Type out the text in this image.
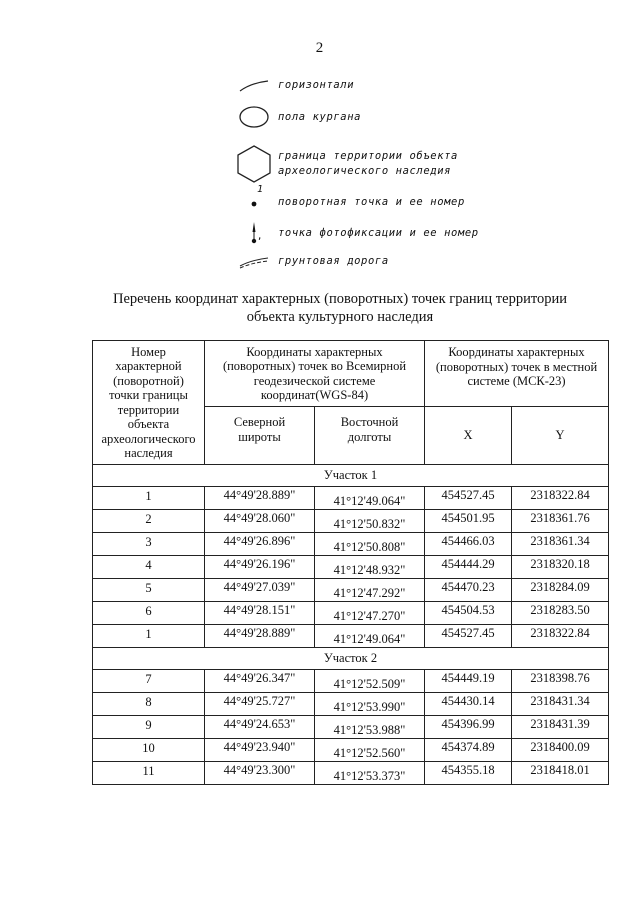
2
горизонтали
пола кургана
граница территории объекта
археологического наследия
1
поворотная точка и ее номер
, точка фотофиксации и ее номер
грунтовая дорога
Перечень координат характерных (поворотных) точек границ территории
объекта культурного наследия
Номер характерной (поворотной) точки границы территории объекта археологического наследия	Координаты характерных (поворотных) точек во Всемирной геодезической системе координат(WGS-84)		Координаты характерных (поворотных) точек в местной системе (МСК-23)	
	Северной широты	Восточной долготы	X	Y
Участок 1				
1	44°49'28.889"	41°12'49.064"	454527.45	2318322.84
2	44°49'28.060"	41°12'50.832"	454501.95	2318361.76
3	44°49'26.896"	41°12'50.808"	454466.03	2318361.34
4	44°49'26.196"	41°12'48.932"	454444.29	2318320.18
5	44°49'27.039"	41°12'47.292"	454470.23	2318284.09
6	44°49'28.151"	41°12'47.270"	454504.53	2318283.50
1	44°49'28.889"	41°12'49.064"	454527.45	2318322.84
Участок 2				
7	44°49'26.347"	41°12'52.509"	454449.19	2318398.76
8	44°49'25.727"	41°12'53.990"	454430.14	2318431.34
9	44°49'24.653"	41°12'53.988"	454396.99	2318431.39
10	44°49'23.940"	41°12'52.560"	454374.89	2318400.09
11	44°49'23.300"	41°12'53.373"	454355.18	2318418.01
